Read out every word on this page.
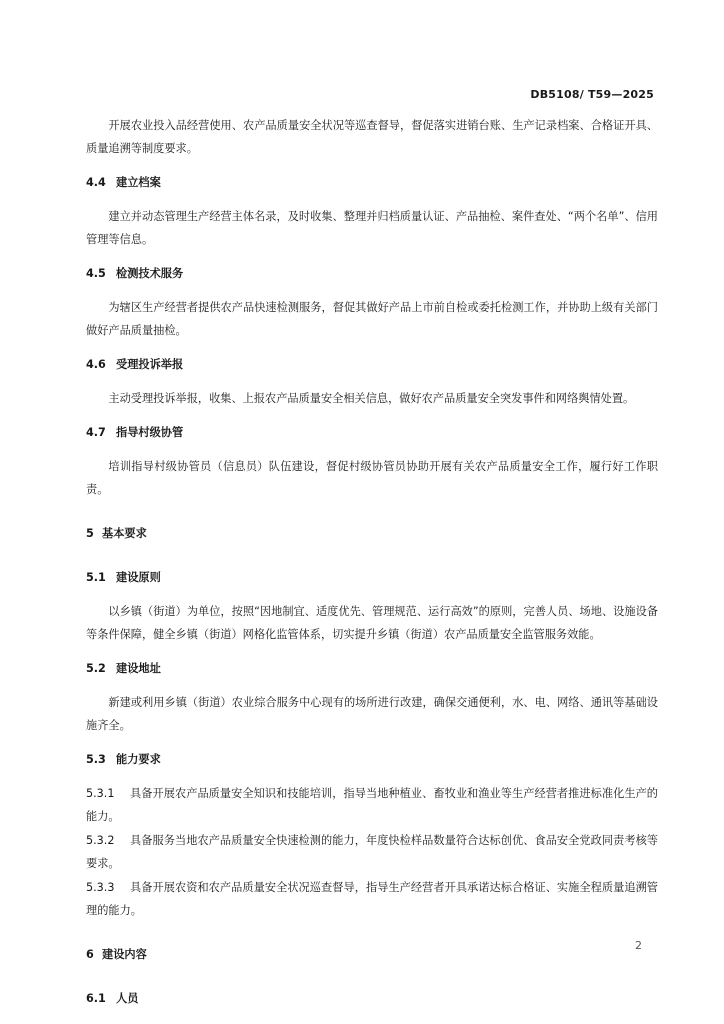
DB5108/ T59—2025

开展农业投入品经营使用、农产品质量安全状况等巡查督导，督促落实进销台账、生产记录档案、合格证开具、质量追溯等制度要求。

4.4 建立档案

建立并动态管理生产经营主体名录，及时收集、整理并归档质量认证、产品抽检、案件查处、“两个名单”、信用管理等信息。

4.5 检测技术服务

为辖区生产经营者提供农产品快速检测服务，督促其做好产品上市前自检或委托检测工作，并协助上级有关部门做好产品质量抽检。

4.6 受理投诉举报

主动受理投诉举报，收集、上报农产品质量安全相关信息，做好农产品质量安全突发事件和网络舆情处置。

4.7 指导村级协管

培训指导村级协管员（信息员）队伍建设，督促村级协管员协助开展有关农产品质量安全工作，履行好工作职责。

5 基本要求
5.1 建设原则

以乡镇（街道）为单位，按照“因地制宜、适度优先、管理规范、运行高效”的原则，完善人员、场地、设施设备等条件保障，健全乡镇（街道）网格化监管体系，切实提升乡镇（街道）农产品质量安全监管服务效能。

5.2 建设地址

新建或利用乡镇（街道）农业综合服务中心现有的场所进行改建，确保交通便利，水、电、网络、通讯等基础设施齐全。

5.3 能力要求
5.3.1 具备开展农产品质量安全知识和技能培训，指导当地种植业、畜牧业和渔业等生产经营者推进标准化生产的能力。
5.3.2 具备服务当地农产品质量安全快速检测的能力，年度快检样品数量符合达标创优、食品安全党政同责考核等要求。
5.3.3 具备开展农资和农产品质量安全状况巡查督导，指导生产经营者开具承诺达标合格证、实施全程质量追溯管理的能力。
6 建设内容
6.1 人员
2
